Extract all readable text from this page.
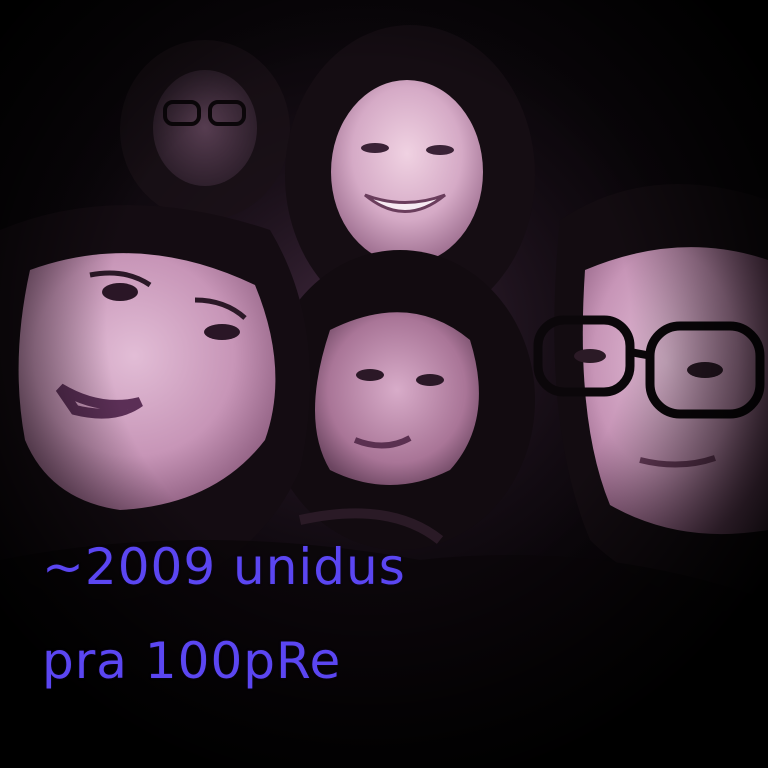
~2009 unidus

pra 100pRe
